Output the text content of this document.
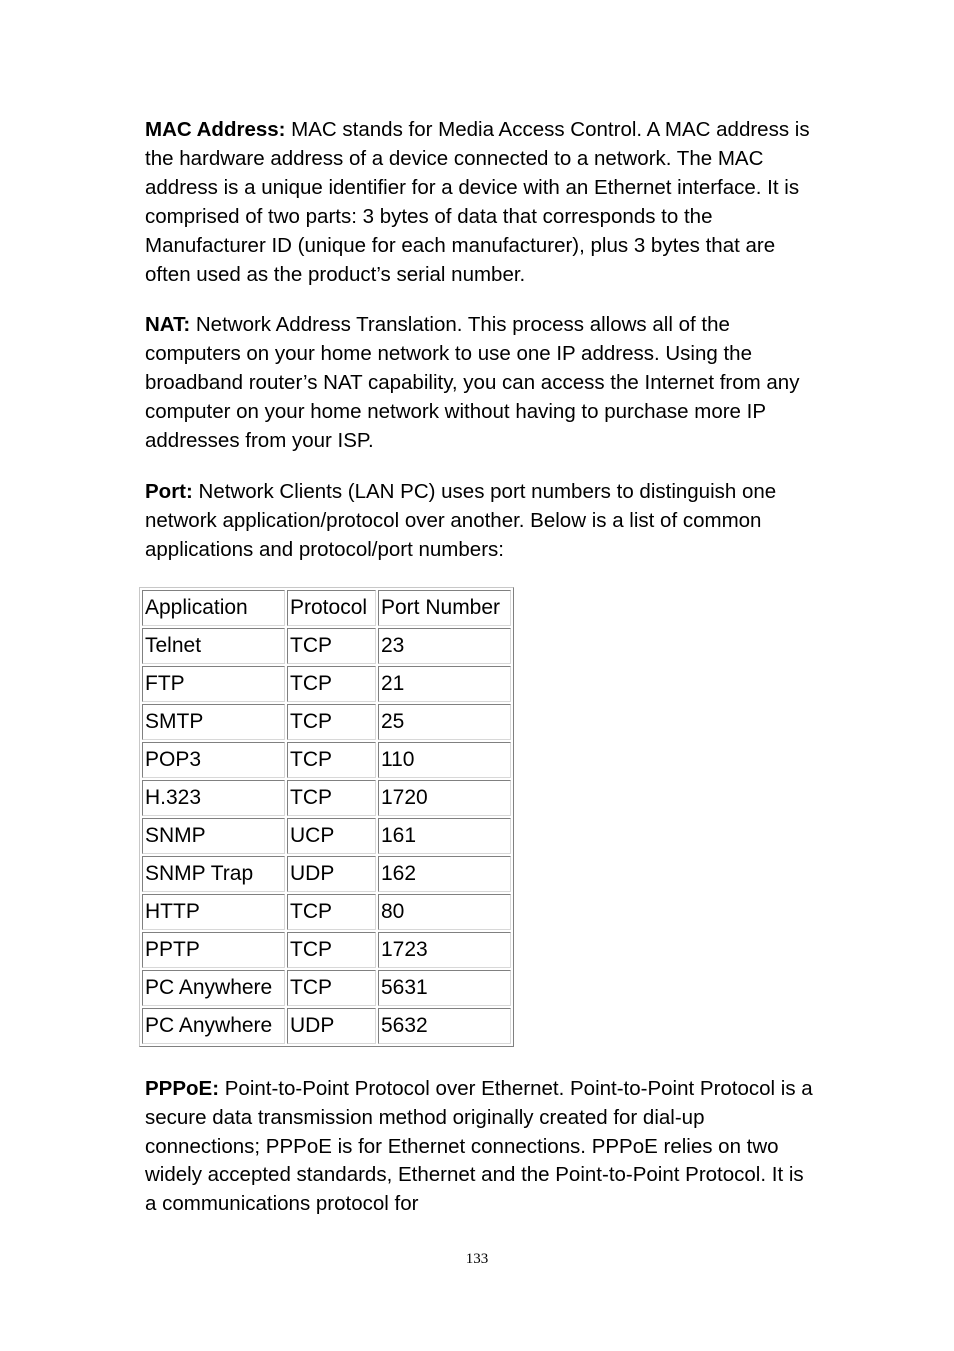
MAC Address: MAC stands for Media Access Control. A MAC address is the hardware address of a device connected to a network. The MAC address is a unique identifier for a device with an Ethernet interface. It is comprised of two parts: 3 bytes of data that corresponds to the Manufacturer ID (unique for each manufacturer), plus 3 bytes that are often used as the product’s serial number.

NAT: Network Address Translation. This process allows all of the computers on your home network to use one IP address. Using the broadband router’s NAT capability, you can access the Internet from any computer on your home network without having to purchase more IP addresses from your ISP.

Port: Network Clients (LAN PC) uses port numbers to distinguish one network application/protocol over another. Below is a list of common applications and protocol/port numbers:

Application	Protocol	Port Number
Telnet	TCP	23
FTP	TCP	21
SMTP	TCP	25
POP3	TCP	110
H.323	TCP	1720
SNMP	UCP	161
SNMP Trap	UDP	162
HTTP	TCP	80
PPTP	TCP	1723
PC Anywhere	TCP	5631
PC Anywhere	UDP	5632

PPPoE: Point-to-Point Protocol over Ethernet. Point-to-Point Protocol is a secure data transmission method originally created for dial-up connections; PPPoE is for Ethernet connections. PPPoE relies on two widely accepted standards, Ethernet and the Point-to-Point Protocol. It is a communications protocol for

133
